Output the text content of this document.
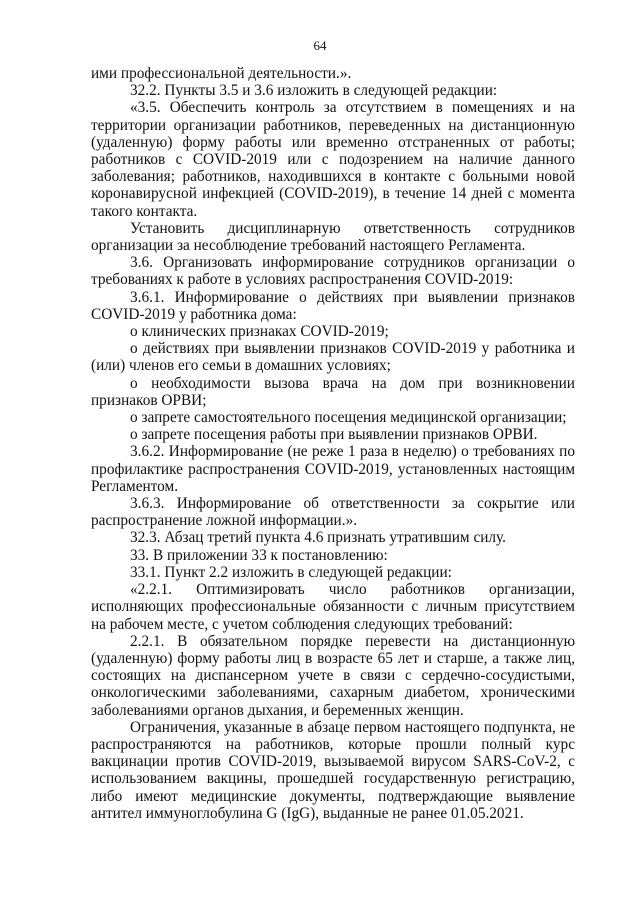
64

ими профессиональной деятельности.».

32.2. Пункты 3.5 и 3.6 изложить в следующей редакции:

«3.5. Обеспечить контроль за отсутствием в помещениях и на территории организации работников, переведенных на дистанционную (удаленную) форму работы или временно отстраненных от работы; работников с COVID-2019 или с подозрением на наличие данного заболевания; работников, находившихся в контакте с больными новой коронавирусной инфекцией (COVID-2019), в течение 14 дней с момента такого контакта.

Установить дисциплинарную ответственность сотрудников организации за несоблюдение требований настоящего Регламента.

3.6. Организовать информирование сотрудников организации о требованиях к работе в условиях распространения COVID-2019:

3.6.1. Информирование о действиях при выявлении признаков COVID-2019 у работника дома:

о клинических признаках COVID-2019;

о действиях при выявлении признаков COVID-2019 у работника и (или) членов его семьи в домашних условиях;

о необходимости вызова врача на дом при возникновении признаков ОРВИ;

о запрете самостоятельного посещения медицинской организации;

о запрете посещения работы при выявлении признаков ОРВИ.

3.6.2. Информирование (не реже 1 раза в неделю) о требованиях по профилактике распространения COVID-2019, установленных настоящим Регламентом.

3.6.3. Информирование об ответственности за сокрытие или распространение ложной информации.».

32.3. Абзац третий пункта 4.6 признать утратившим силу.

33. В приложении 33 к постановлению:

33.1. Пункт 2.2 изложить в следующей редакции:

«2.2.1. Оптимизировать число работников организации, исполняющих профессиональные обязанности с личным присутствием на рабочем месте, с учетом соблюдения следующих требований:

2.2.1. В обязательном порядке перевести на дистанционную (удаленную) форму работы лиц в возрасте 65 лет и старше, а также лиц, состоящих на диспансерном учете в связи с сердечно-сосудистыми, онкологическими заболеваниями, сахарным диабетом, хроническими заболеваниями органов дыхания, и беременных женщин.

Ограничения, указанные в абзаце первом настоящего подпункта, не распространяются на работников, которые прошли полный курс вакцинации против COVID-2019, вызываемой вирусом SARS-CoV-2, с использованием вакцины, прошедшей государственную регистрацию, либо имеют медицинские документы, подтверждающие выявление антител иммуноглобулина G (IgG), выданные не ранее 01.05.2021.
